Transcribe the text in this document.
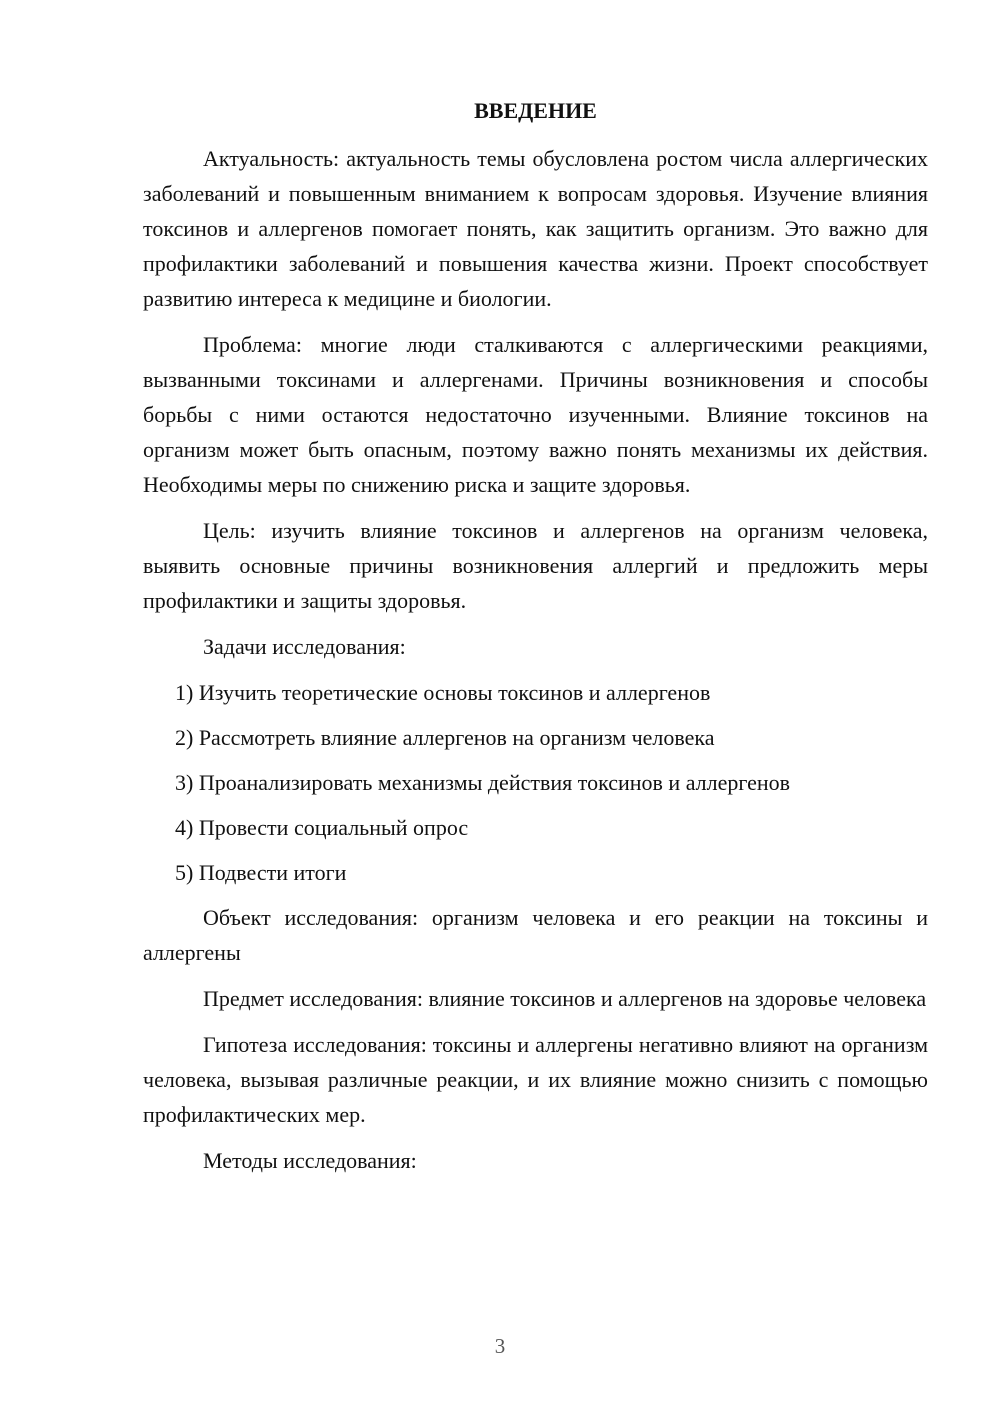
ВВЕДЕНИЕ

Актуальность: актуальность темы обусловлена ростом числа аллергических заболеваний и повышенным вниманием к вопросам здоровья. Изучение влияния токсинов и аллергенов помогает понять, как защитить организм. Это важно для профилактики заболеваний и повышения качества жизни. Проект способствует развитию интереса к медицине и биологии.

Проблема: многие люди сталкиваются с аллергическими реакциями, вызванными токсинами и аллергенами. Причины возникновения и способы борьбы с ними остаются недостаточно изученными. Влияние токсинов на организм может быть опасным, поэтому важно понять механизмы их действия. Необходимы меры по снижению риска и защите здоровья.

Цель: изучить влияние токсинов и аллергенов на организм человека, выявить основные причины возникновения аллергий и предложить меры профилактики и защиты здоровья.

Задачи исследования:

1) Изучить теоретические основы токсинов и аллергенов
2) Рассмотреть влияние аллергенов на организм человека
3) Проанализировать механизмы действия токсинов и аллергенов
4) Провести социальный опрос
5) Подвести итоги

Объект исследования: организм человека и его реакции на токсины и аллергены

Предмет исследования: влияние токсинов и аллергенов на здоровье человека

Гипотеза исследования: токсины и аллергены негативно влияют на организм человека, вызывая различные реакции, и их влияние можно снизить с помощью профилактических мер.

Методы исследования:

3
